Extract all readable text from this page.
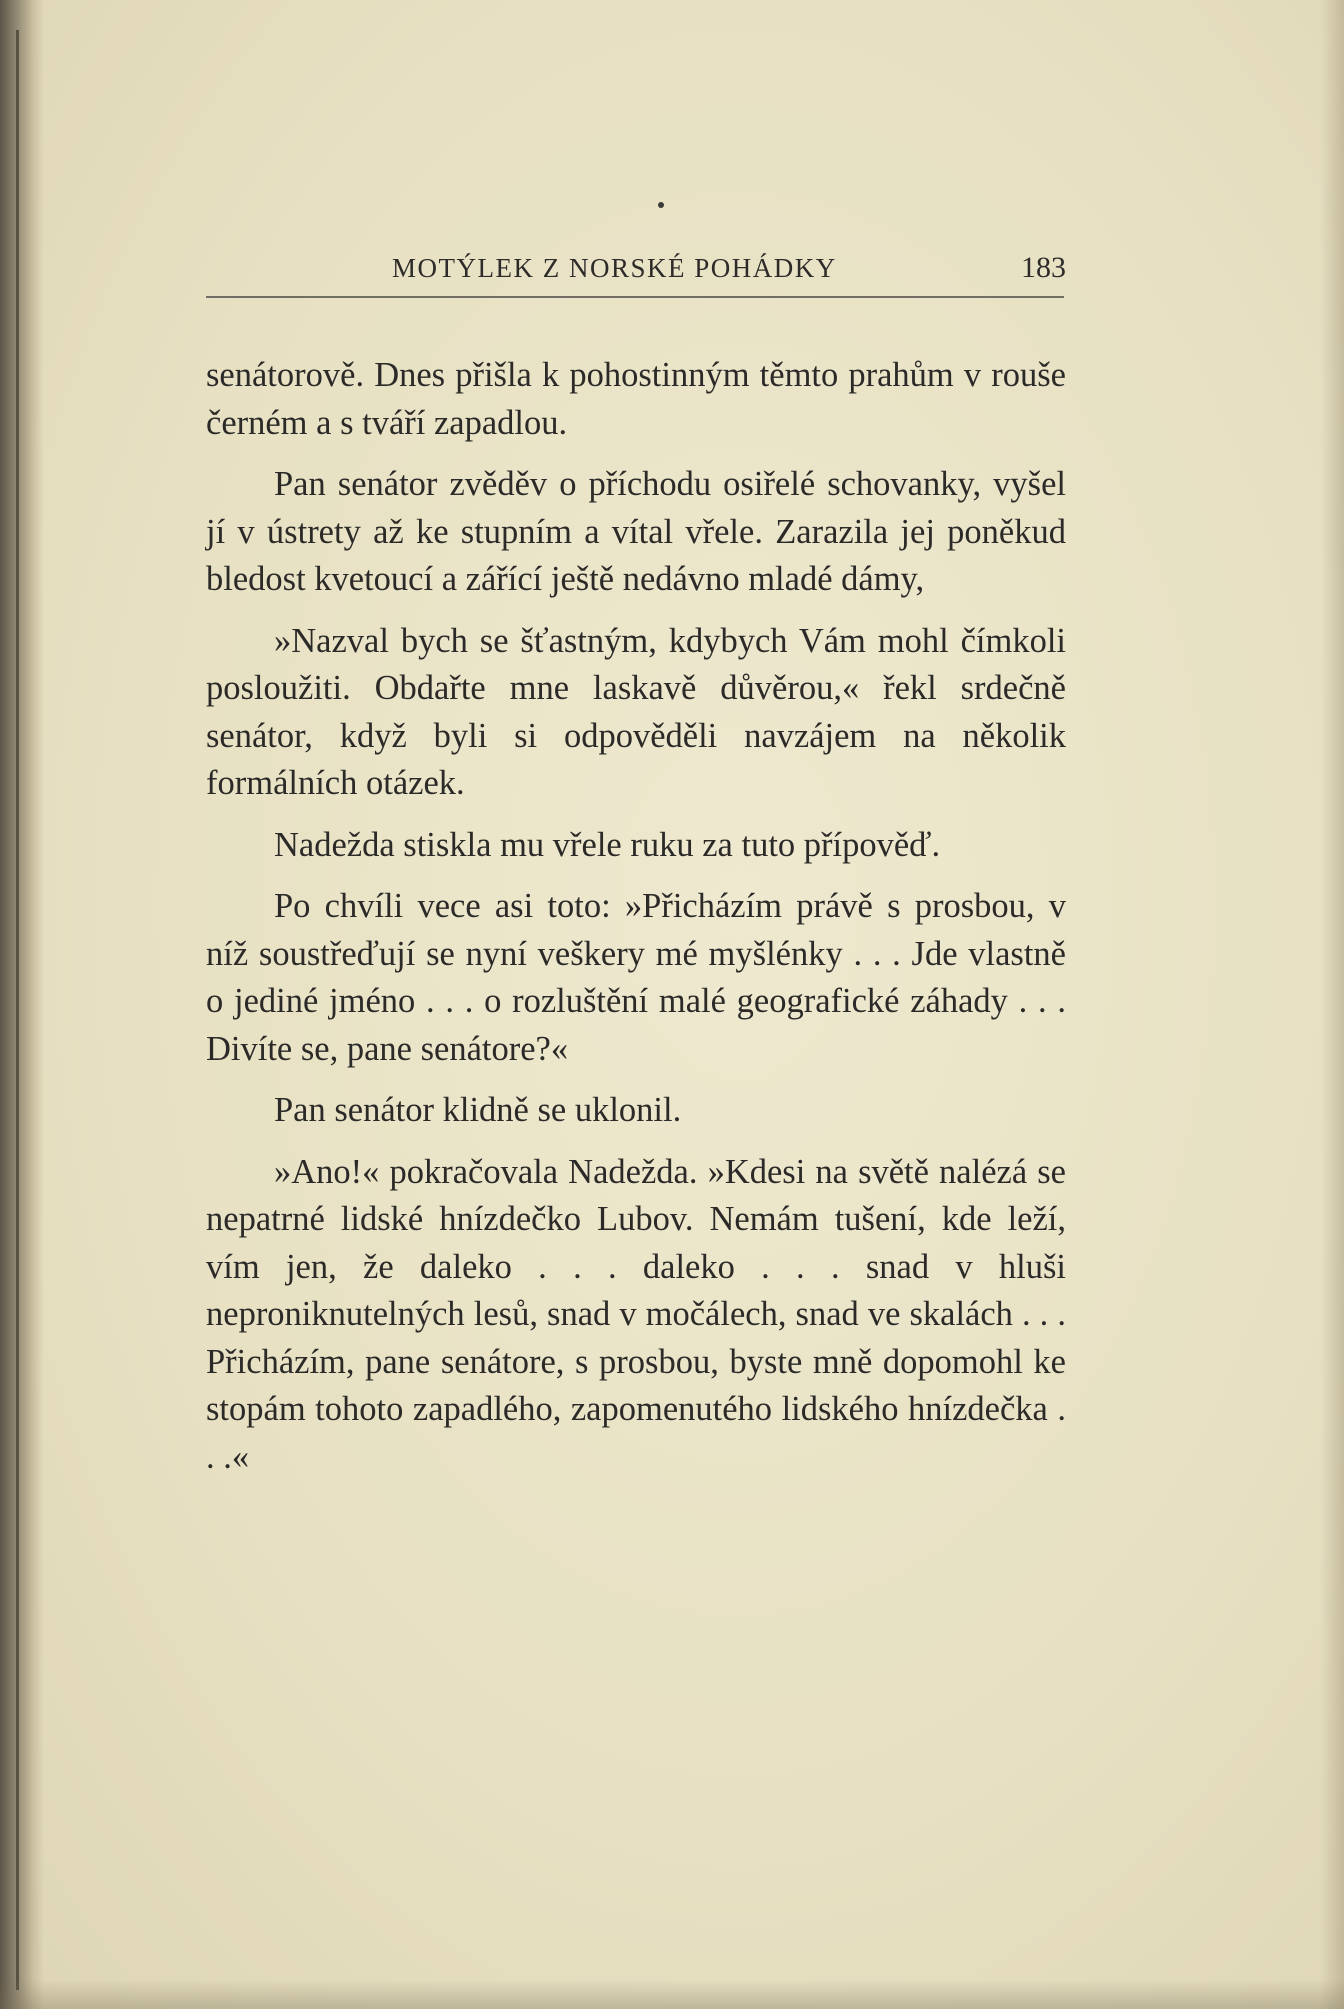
MOTÝLEK Z NORSKÉ POHÁDKY	183

senátorově. Dnes přišla k pohostinným těmto prahům v rouše černém a s tváří zapadlou.

Pan senátor zvěděv o příchodu osiřelé schovanky, vyšel jí v ústrety až ke stupním a vítal vřele. Zarazila jej poněkud bledost kvetoucí a zářící ještě nedávno mladé dámy,

»Nazval bych se šťastným, kdybych Vám mohl čímkoli posloužiti. Obdařte mne laskavě důvěrou,« řekl srdečně senátor, když byli si odpověděli navzájem na několik formálních otázek.

Nadežda stiskla mu vřele ruku za tuto přípověď.

Po chvíli vece asi toto: »Přicházím právě s prosbou, v níž soustřeďují se nyní veškery mé myšlénky . . . Jde vlastně o jediné jméno . . . o rozluštění malé geografické záhady . . . Divíte se, pane senátore?«

Pan senátor klidně se uklonil.

»Ano!« pokračovala Nadežda. »Kdesi na světě nalézá se nepatrné lidské hnízdečko Lubov. Nemám tušení, kde leží, vím jen, že daleko . . . daleko . . . snad v hluši neproniknutelných lesů, snad v močálech, snad ve skalách . . . Přicházím, pane senátore, s prosbou, byste mně dopomohl ke stopám tohoto zapadlého, zapomenutého lidského hnízdečka . . .«
